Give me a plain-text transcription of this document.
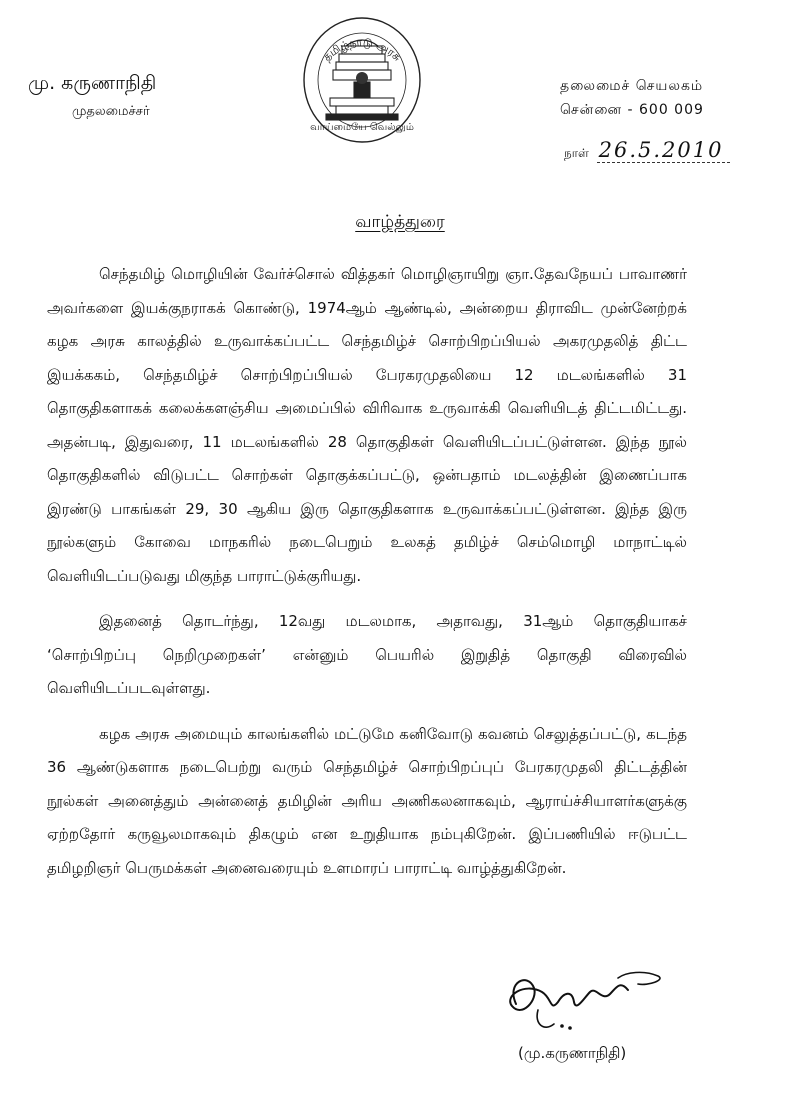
மு. கருணாநிதி
முதலமைச்சர்
தமிழ்நாடு அரசு
வாய்மையே வெல்லும்
தலைமைச் செயலகம்
சென்னை - 600 009
நாள் 26.5.2010
வாழ்த்துரை

செந்தமிழ் மொழியின் வேர்ச்சொல் வித்தகர் மொழிஞாயிறு ஞா.தேவநேயப் பாவாணர் அவர்களை இயக்குநராகக் கொண்டு, 1974ஆம் ஆண்டில், அன்றைய திராவிட முன்னேற்றக் கழக அரசு காலத்தில் உருவாக்கப்பட்ட செந்தமிழ்ச் சொற்பிறப்பியல் அகரமுதலித் திட்ட இயக்ககம், செந்தமிழ்ச் சொற்பிறப்பியல் பேரகரமுதலியை 12 மடலங்களில் 31 தொகுதிகளாகக் கலைக்களஞ்சிய அமைப்பில் விரிவாக உருவாக்கி வெளியிடத் திட்டமிட்டது. அதன்படி, இதுவரை, 11 மடலங்களில் 28 தொகுதிகள் வெளியிடப்பட்டுள்ளன. இந்த நூல் தொகுதிகளில் விடுபட்ட சொற்கள் தொகுக்கப்பட்டு, ஒன்பதாம் மடலத்தின் இணைப்பாக இரண்டு பாகங்கள் 29, 30 ஆகிய இரு தொகுதிகளாக உருவாக்கப்பட்டுள்ளன. இந்த இரு நூல்களும் கோவை மாநகரில் நடைபெறும் உலகத் தமிழ்ச் செம்மொழி மாநாட்டில் வெளியிடப்படுவது மிகுந்த பாராட்டுக்குரியது.

இதனைத் தொடர்ந்து, 12வது மடலமாக, அதாவது, 31ஆம் தொகுதியாகச் ‘சொற்பிறப்பு நெறிமுறைகள்’ என்னும் பெயரில் இறுதித் தொகுதி விரைவில் வெளியிடப்படவுள்ளது.

கழக அரசு அமையும் காலங்களில் மட்டுமே கனிவோடு கவனம் செலுத்தப்பட்டு, கடந்த 36 ஆண்டுகளாக நடைபெற்று வரும் செந்தமிழ்ச் சொற்பிறப்புப் பேரகரமுதலி திட்டத்தின் நூல்கள் அனைத்தும் அன்னைத் தமிழின் அரிய அணிகலனாகவும், ஆராய்ச்சியாளர்களுக்கு ஏற்றதோர் கருவூலமாகவும் திகழும் என உறுதியாக நம்புகிறேன். இப்பணியில் ஈடுபட்ட தமிழறிஞர் பெருமக்கள் அனைவரையும் உளமாரப் பாராட்டி வாழ்த்துகிறேன்.

(மு.கருணாநிதி)
